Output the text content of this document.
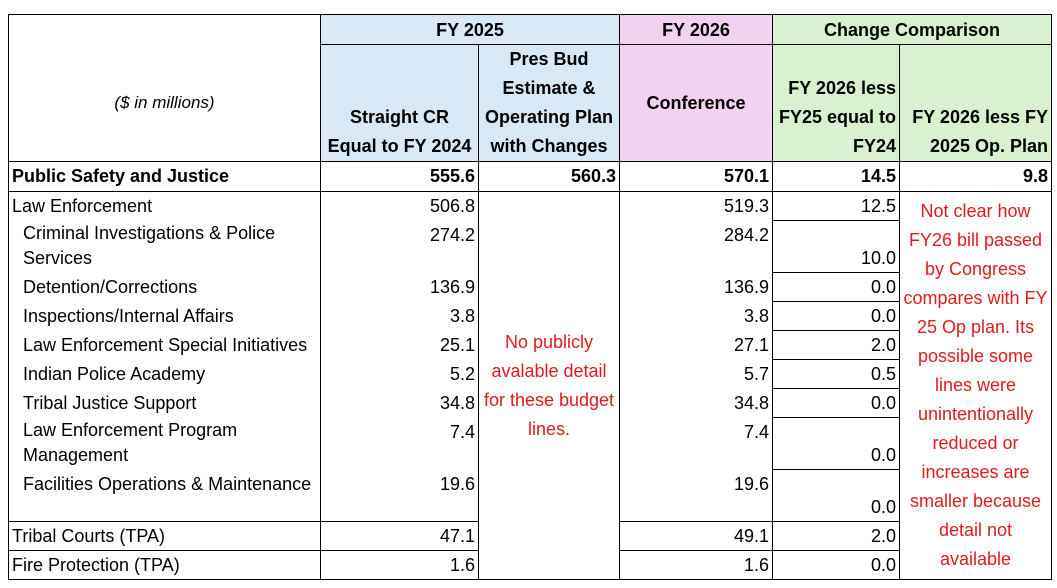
	FY 2025		FY 2026	Change Comparison	
($ in millions)	Straight CR Equal to FY 2024	Pres Bud Estimate & Operating Plan with Changes	Conference	FY 2026 less FY25 equal to FY24	FY 2026 less FY 2025 Op. Plan
Public Safety and Justice	555.6	560.3	570.1	14.5	9.8
Law Enforcement	506.8	No publicly avalable detail for these budget lines.	519.3	12.5	Not clear how FY26 bill passed by Congress compares with FY 25 Op plan. Its possible some lines were unintentionally reduced or increases are smaller because detail not available
Criminal Investigations & Police Services	274.2		284.2	10.0	
Detention/Corrections	136.9		136.9	0.0	
Inspections/Internal Affairs	3.8		3.8	0.0	
Law Enforcement Special Initiatives	25.1		27.1	2.0	
Indian Police Academy	5.2		5.7	0.5	
Tribal Justice Support	34.8		34.8	0.0	
Law Enforcement Program Management	7.4		7.4	0.0	
Facilities Operations & Maintenance	19.6		19.6	0.0	
Tribal Courts (TPA)	47.1		49.1	2.0	
Fire Protection (TPA)	1.6		1.6	0.0	
